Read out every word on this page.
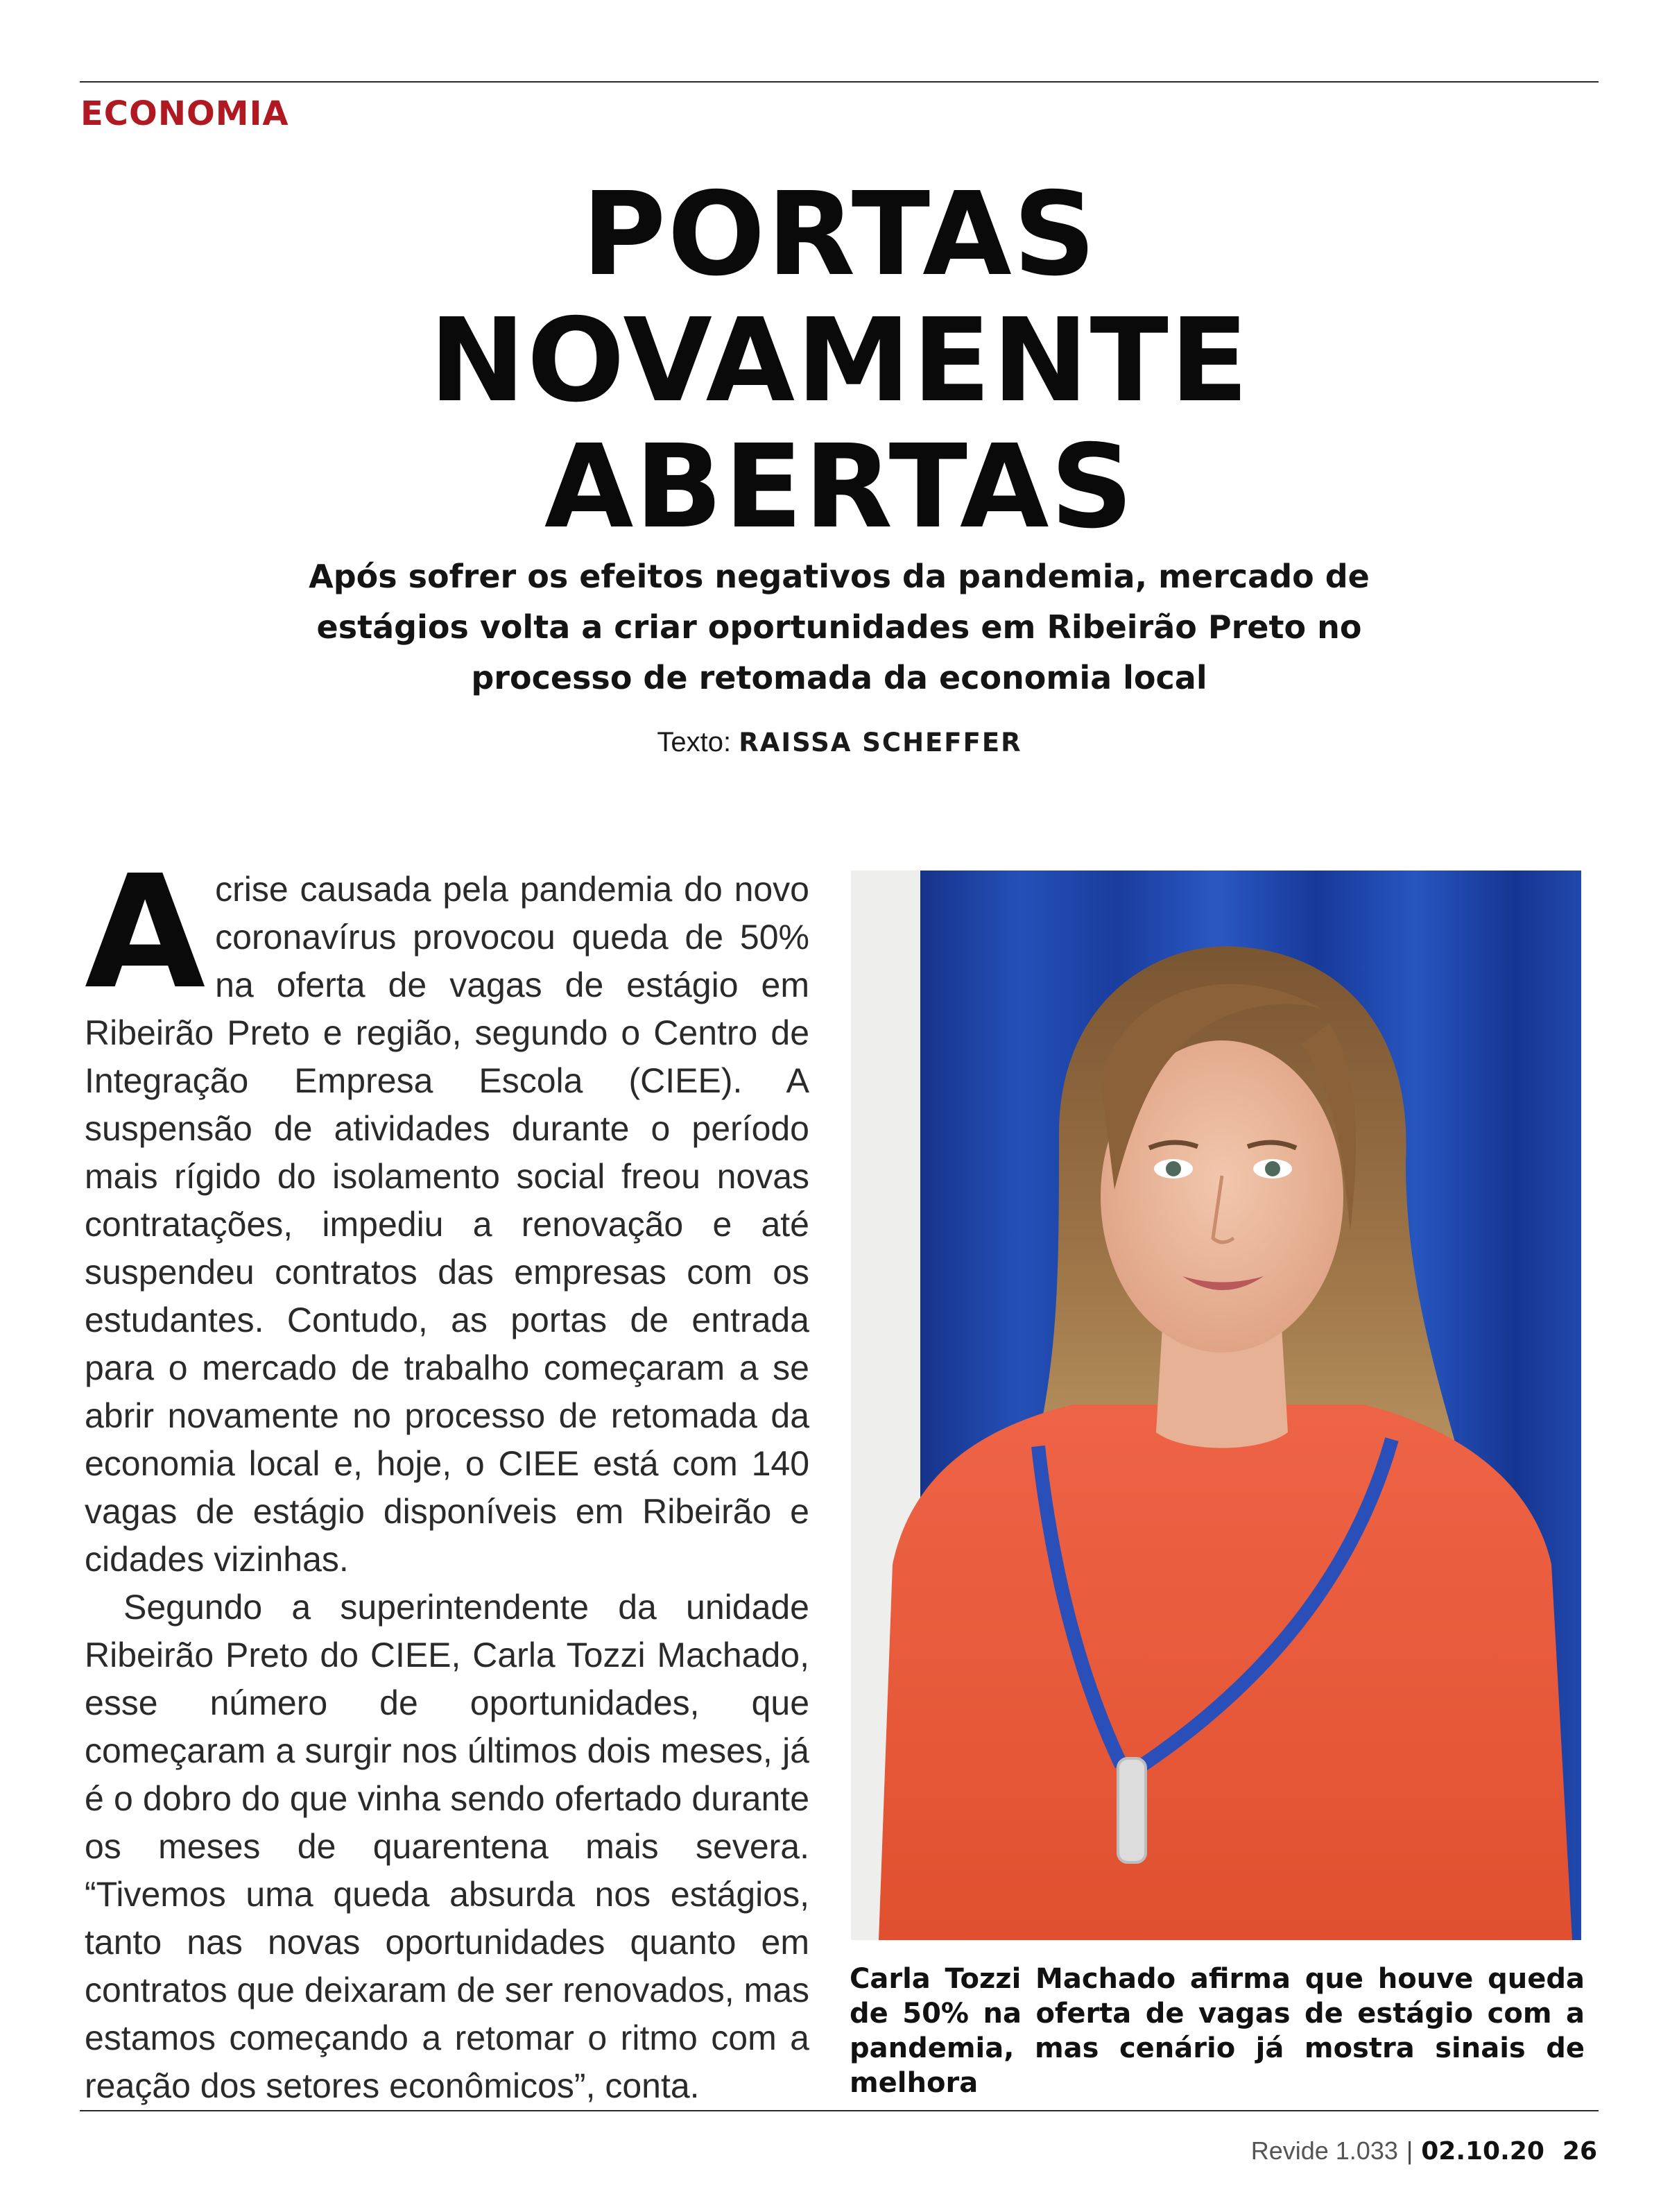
ECONOMIA
PORTAS
NOVAMENTE
ABERTAS
Após sofrer os efeitos negativos da pandemia, mercado de estágios volta a criar oportunidades em Ribeirão Preto no processo de retomada da economia local
Texto: RAISSA SCHEFFER

Acrise causada pela pandemia do novo coronavírus provocou queda de 50% na oferta de vagas de estágio em Ribeirão Preto e região, segundo o Centro de Integração Empresa Escola (CIEE). A suspensão de atividades durante o período mais rígido do isolamento social freou novas contratações, impediu a renovação e até suspendeu contratos das empresas com os estudantes. Contudo, as portas de entrada para o mercado de trabalho começaram a se abrir novamente no processo de retomada da economia local e, hoje, o CIEE está com 140 vagas de estágio disponíveis em Ribeirão e cidades vizinhas.

Segundo a superintendente da unidade Ribeirão Preto do CIEE, Carla Tozzi Machado, esse número de oportunidades, que começaram a surgir nos últimos dois meses, já é o dobro do que vinha sendo ofertado durante os meses de quarentena mais severa. “Tivemos uma queda absurda nos estágios, tanto nas novas oportunidades quanto em contratos que deixaram de ser renovados, mas estamos começando a retomar o ritmo com a reação dos setores econômicos”, conta.

Carla Tozzi Machado afirma que houve queda de 50% na oferta de vagas de estágio com a pandemia, mas cenário já mostra sinais de melhora
Revide 1.033 | 02.10.20 26
